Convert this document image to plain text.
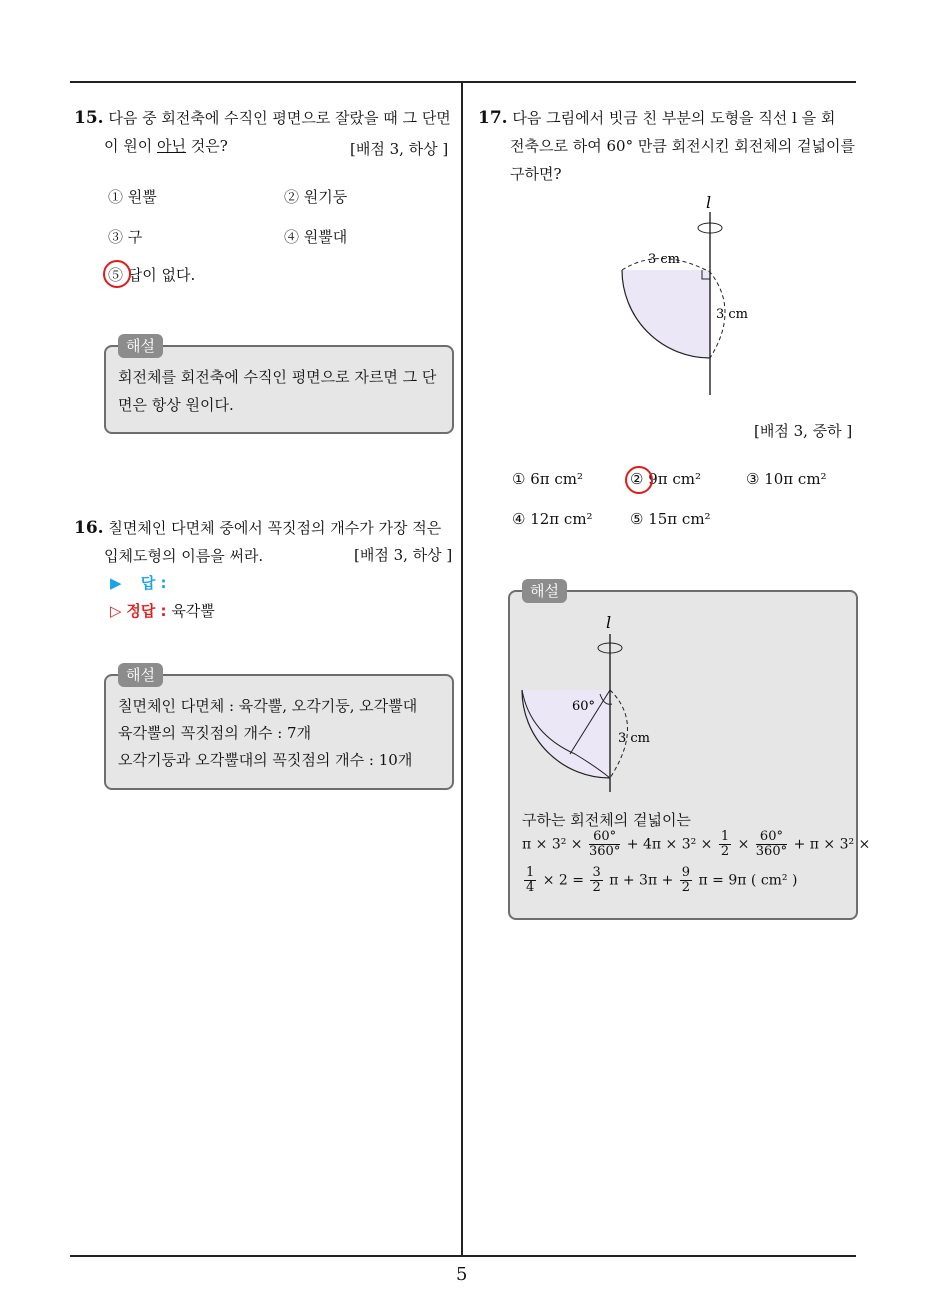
15. 다음 중 회전축에 수직인 평면으로 잘랐을 때 그 단면
이 원이 아닌 것은?	[배점 3, 하상 ]
① 원뿔	② 원기둥
③ 구	④ 원뿔대
⑤ 답이 없다.
회전체를 회전축에 수직인 평면으로 자르면 그 단
면은 항상 원이다.
해설
16. 칠면체인 다면체 중에서 꼭짓점의 개수가 가장 적은
입체도형의 이름을 써라.	[배점 3, 하상 ]
▶ 답 :
▷ 정답 : 육각뿔
칠면체인 다면체 : 육각뿔, 오각기둥, 오각뿔대
육각뿔의 꼭짓점의 개수 : 7개
오각기둥과 오각뿔대의 꼭짓점의 개수 : 10개
해설
17. 다음 그림에서 빗금 친 부분의 도형을 직선 l 을 회
전축으로 하여 60° 만큼 회전시킨 회전체의 겉넓이를
구하면?
l
3 cm
3 cm
[배점 3, 중하 ]
① 6π cm²	② 9π cm²	③ 10π cm²
④ 12π cm² ⑤ 15π cm²
l
60°
3 cm
구하는 회전체의 겉넓이는
$\pi \times 3^2 \times \frac{60^\circ}{360^\circ} + 4\pi \times 3^2 \times \frac{1}{2} \times \frac{60^\circ}{360^\circ} + \pi \times 3^2$ ×
$\frac{1}{4} \times 2 = \frac{3}{2}$ $\pi + 3\pi + \frac{9}{2}$ π = 9π ( cm² )
해설
5
